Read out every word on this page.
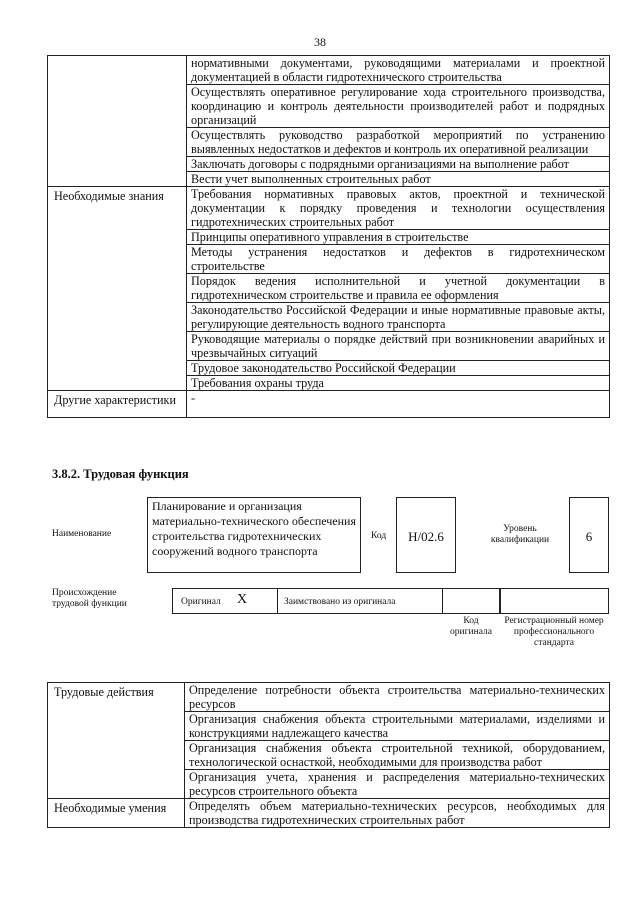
38
	нормативными документами, руководящими материалами и проектной документацией в области гидротехнического строительства
	Осуществлять оперативное регулирование хода строительного производства, координацию и контроль деятельности производителей работ и подрядных организаций
	Осуществлять руководство разработкой мероприятий по устранению выявленных недостатков и дефектов и контроль их оперативной реализации
	Заключать договоры с подрядными организациями на выполнение работ
	Вести учет выполненных строительных работ
Необходимые знания	Требования нормативных правовых актов, проектной и технической документации к порядку проведения и технологии осуществления гидротехнических строительных работ
	Принципы оперативного управления в строительстве
	Методы устранения недостатков и дефектов в гидротехническом строительстве
	Порядок ведения исполнительной и учетной документации в гидротехническом строительстве и правила ее оформления
	Законодательство Российской Федерации и иные нормативные правовые акты, регулирующие деятельность водного транспорта
	Руководящие материалы о порядке действий при возникновении аварийных и чрезвычайных ситуаций
	Трудовое законодательство Российской Федерации
	Требования охраны труда
Другие характеристики	-
3.8.2. Трудовая функция
Наименование
Планирование и организация материально-технического обеспечения строительства гидротехнических сооружений водного транспорта
Код	Н/02.6	Уровень квалификации	6
Происхождение трудовой функции	Оригинал X	Заимствовано из оригинала
Код оригинала
Регистрационный номер профессионального стандарта
Трудовые действия	Определение потребности объекта строительства материально-технических ресурсов
	Организация снабжения объекта строительными материалами, изделиями и конструкциями надлежащего качества
	Организация снабжения объекта строительной техникой, оборудованием, технологической оснасткой, необходимыми для производства работ
	Организация учета, хранения и распределения материально-технических ресурсов строительного объекта
Необходимые умения	Определять объем материально-технических ресурсов, необходимых для производства гидротехнических строительных работ
